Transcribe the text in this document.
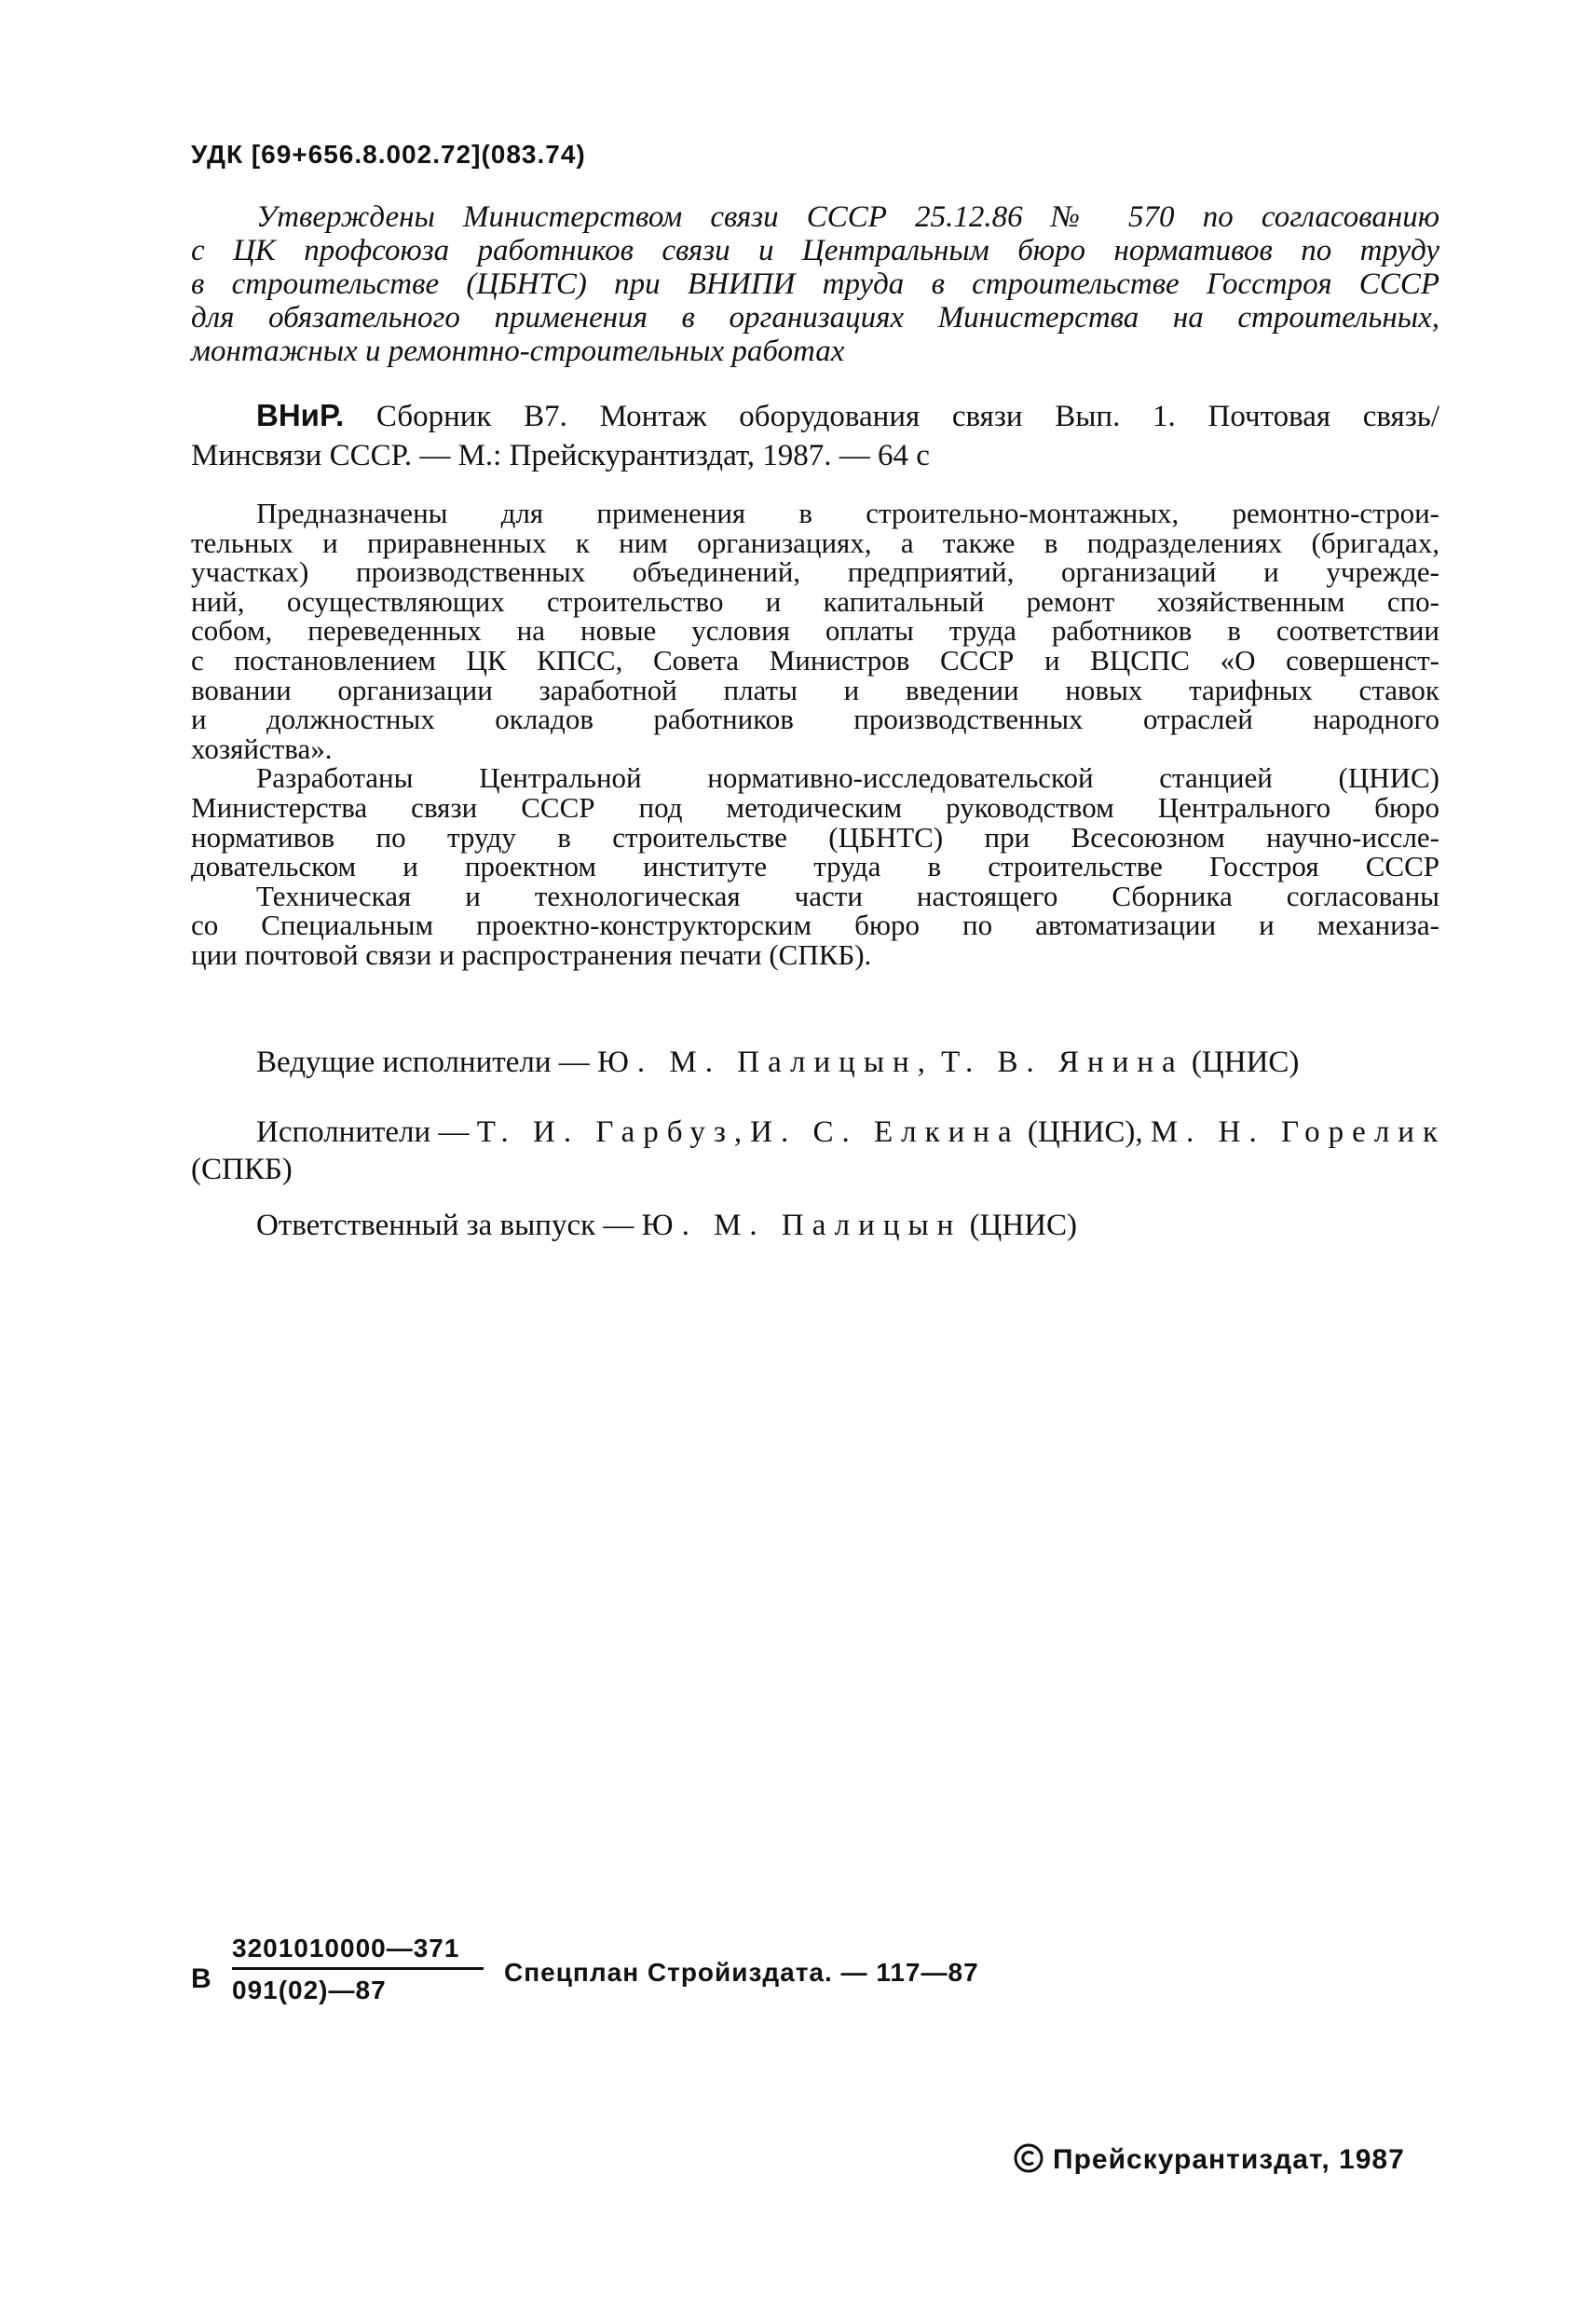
УДК [69+656.8.002.72](083.74)
Утверждены Министерством связи СССР 25.12.86 № 570 по согласованию
с ЦК профсоюза работников связи и Центральным бюро нормативов по труду
в строительстве (ЦБНТС) при ВНИПИ труда в строительстве Госстроя СССР
для обязательного применения в организациях Министерства на строительных,
монтажных и ремонтно-строительных работах
ВНиР. Сборник В7. Монтаж оборудования связи Вып. 1. Почтовая связь/
Минсвязи СССР. — М.: Прейскурантиздат, 1987. — 64 с
Предназначены для применения в строительно-монтажных, ремонтно-строи-
тельных и приравненных к ним организациях, а также в подразделениях (бригадах,
участках) производственных объединений, предприятий, организаций и учрежде-
ний, осуществляющих строительство и капитальный ремонт хозяйственным спо-
собом, переведенных на новые условия оплаты труда работников в соответствии
с постановлением ЦК КПСС, Совета Министров СССР и ВЦСПС «О совершенст-
вовании организации заработной платы и введении новых тарифных ставок
и должностных окладов работников производственных отраслей народного
хозяйства».
Разработаны Центральной нормативно-исследовательской станцией (ЦНИС)
Министерства связи СССР под методическим руководством Центрального бюро
нормативов по труду в строительстве (ЦБНТС) при Всесоюзном научно-иссле-
довательском и проектном институте труда в строительстве Госстроя СССР
Техническая и технологическая части настоящего Сборника согласованы
со Специальным проектно-конструкторским бюро по автоматизации и механиза-
ции почтовой связи и распространения печати (СПКБ).
Ведущие исполнители — Ю. М. Палицын, Т. В. Янина (ЦНИС)
Исполнители — Т. И. Гарбуз,И. С. Елкина (ЦНИС), М. Н. Горелик
(СПКБ)
Ответственный за выпуск — Ю. М. Палицын (ЦНИС)
В $\frac{3201010000—371}{091(02)—87}$ Спецплан Стройиздата. — 117—87
Прейскурантиздат, 1987
